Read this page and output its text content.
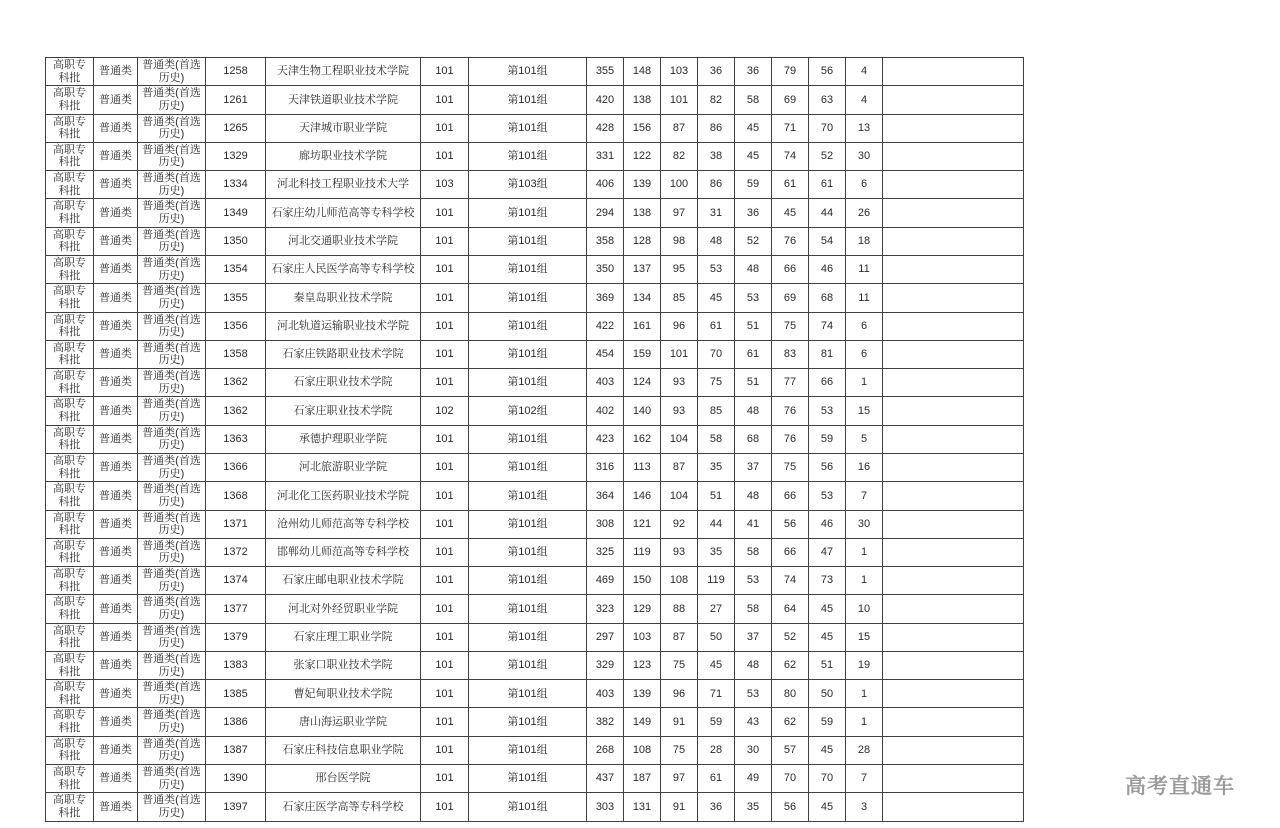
高职专科批	普通类	普通类(首选历史)	1258	天津生物工程职业技术学院	101	第101组	355	148	103	36	36	79	56	4	
高职专科批	普通类	普通类(首选历史)	1261	天津铁道职业技术学院	101	第101组	420	138	101	82	58	69	63	4	
高职专科批	普通类	普通类(首选历史)	1265	天津城市职业学院	101	第101组	428	156	87	86	45	71	70	13	
高职专科批	普通类	普通类(首选历史)	1329	廊坊职业技术学院	101	第101组	331	122	82	38	45	74	52	30	
高职专科批	普通类	普通类(首选历史)	1334	河北科技工程职业技术大学	103	第103组	406	139	100	86	59	61	61	6	
高职专科批	普通类	普通类(首选历史)	1349	石家庄幼儿师范高等专科学校	101	第101组	294	138	97	31	36	45	44	26	
高职专科批	普通类	普通类(首选历史)	1350	河北交通职业技术学院	101	第101组	358	128	98	48	52	76	54	18	
高职专科批	普通类	普通类(首选历史)	1354	石家庄人民医学高等专科学校	101	第101组	350	137	95	53	48	66	46	11	
高职专科批	普通类	普通类(首选历史)	1355	秦皇岛职业技术学院	101	第101组	369	134	85	45	53	69	68	11	
高职专科批	普通类	普通类(首选历史)	1356	河北轨道运输职业技术学院	101	第101组	422	161	96	61	51	75	74	6	
高职专科批	普通类	普通类(首选历史)	1358	石家庄铁路职业技术学院	101	第101组	454	159	101	70	61	83	81	6	
高职专科批	普通类	普通类(首选历史)	1362	石家庄职业技术学院	101	第101组	403	124	93	75	51	77	66	1	
高职专科批	普通类	普通类(首选历史)	1362	石家庄职业技术学院	102	第102组	402	140	93	85	48	76	53	15	
高职专科批	普通类	普通类(首选历史)	1363	承德护理职业学院	101	第101组	423	162	104	58	68	76	59	5	
高职专科批	普通类	普通类(首选历史)	1366	河北旅游职业学院	101	第101组	316	113	87	35	37	75	56	16	
高职专科批	普通类	普通类(首选历史)	1368	河北化工医药职业技术学院	101	第101组	364	146	104	51	48	66	53	7	
高职专科批	普通类	普通类(首选历史)	1371	沧州幼儿师范高等专科学校	101	第101组	308	121	92	44	41	56	46	30	
高职专科批	普通类	普通类(首选历史)	1372	邯郸幼儿师范高等专科学校	101	第101组	325	119	93	35	58	66	47	1	
高职专科批	普通类	普通类(首选历史)	1374	石家庄邮电职业技术学院	101	第101组	469	150	108	119	53	74	73	1	
高职专科批	普通类	普通类(首选历史)	1377	河北对外经贸职业学院	101	第101组	323	129	88	27	58	64	45	10	
高职专科批	普通类	普通类(首选历史)	1379	石家庄理工职业学院	101	第101组	297	103	87	50	37	52	45	15	
高职专科批	普通类	普通类(首选历史)	1383	张家口职业技术学院	101	第101组	329	123	75	45	48	62	51	19	
高职专科批	普通类	普通类(首选历史)	1385	曹妃甸职业技术学院	101	第101组	403	139	96	71	53	80	50	1	
高职专科批	普通类	普通类(首选历史)	1386	唐山海运职业学院	101	第101组	382	149	91	59	43	62	59	1	
高职专科批	普通类	普通类(首选历史)	1387	石家庄科技信息职业学院	101	第101组	268	108	75	28	30	57	45	28	
高职专科批	普通类	普通类(首选历史)	1390	邢台医学院	101	第101组	437	187	97	61	49	70	70	7	
高职专科批	普通类	普通类(首选历史)	1397	石家庄医学高等专科学校	101	第101组	303	131	91	36	35	56	45	3	
高考直通车
